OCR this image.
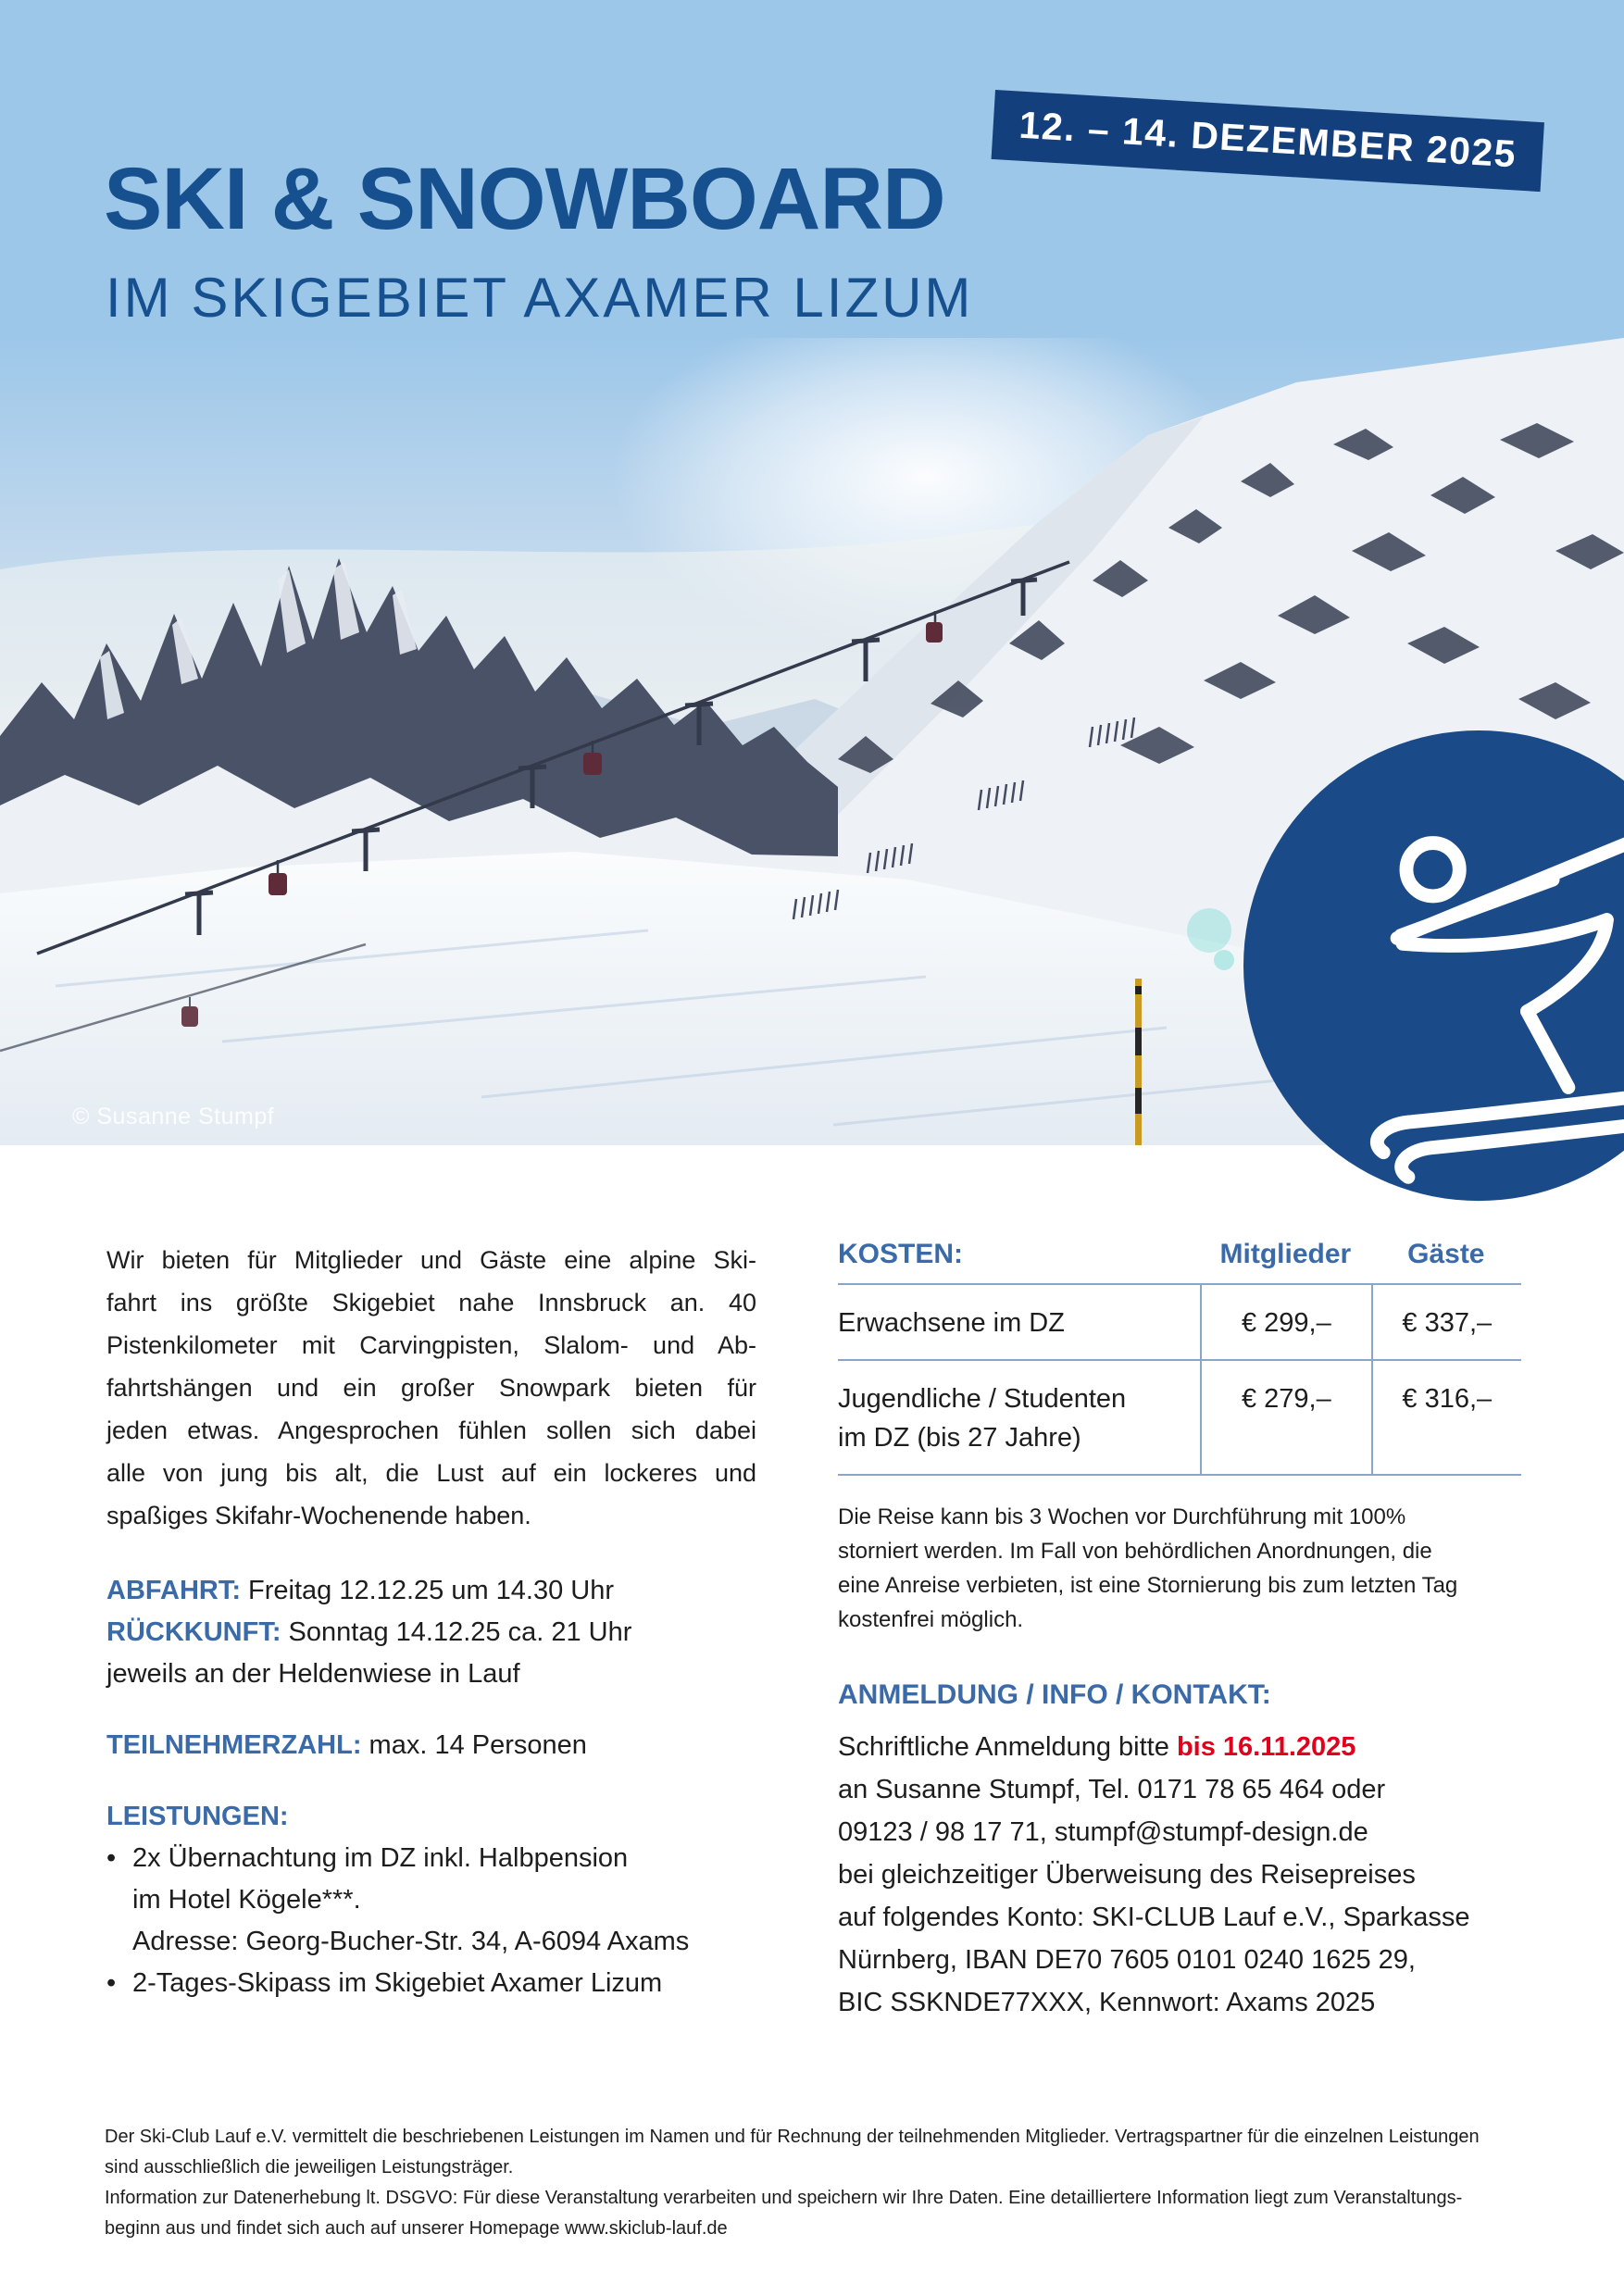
SKI & SNOWBOARD
IM SKIGEBIET AXAMER LIZUM
12. – 14. DEZEMBER 2025
© Susanne Stumpf
Wir bieten für Mitglieder und Gäste eine alpine Ski-
fahrt ins größte Skigebiet nahe Innsbruck an. 40
Pistenkilometer mit Carvingpisten, Slalom- und Ab-
fahrtshängen und ein großer Snowpark bieten für
jeden etwas. Angesprochen fühlen sollen sich dabei
alle von jung bis alt, die Lust auf ein lockeres und
spaßiges Skifahr-Wochenende haben.
ABFAHRT: Freitag 12.12.25 um 14.30 Uhr
RÜCKKUNFT: Sonntag 14.12.25 ca. 21 Uhr
jeweils an der Heldenwiese in Lauf
TEILNEHMERZAHL: max. 14 Personen
LEISTUNGEN:
• 2x Übernachtung im DZ inkl. Halbpension
im Hotel Kögele***.
Adresse: Georg-Bucher-Str. 34, A-6094 Axams
• 2-Tages-Skipass im Skigebiet Axamer Lizum
KOSTEN:	Mitglieder	Gäste
Erwachsene im DZ	€ 299,–	€ 337,–
Jugendliche / Studenten
im DZ (bis 27 Jahre)
€ 279,–	€ 316,–
Die Reise kann bis 3 Wochen vor Durchführung mit 100%
storniert werden. Im Fall von behördlichen Anordnungen, die
eine Anreise verbieten, ist eine Stornierung bis zum letzten Tag
kostenfrei möglich.
ANMELDUNG / INFO / KONTAKT:
Schriftliche Anmeldung bitte bis 16.11.2025
an Susanne Stumpf, Tel. 0171 78 65 464 oder
09123 / 98 17 71, stumpf@stumpf-design.de
bei gleichzeitiger Überweisung des Reisepreises
auf folgendes Konto: SKI-CLUB Lauf e.V., Sparkasse
Nürnberg, IBAN DE70 7605 0101 0240 1625 29,
BIC SSKNDE77XXX, Kennwort: Axams 2025
Der Ski-Club Lauf e.V. vermittelt die beschriebenen Leistungen im Namen und für Rechnung der teilnehmenden Mitglieder. Vertragspartner für die einzelnen Leistungen
sind ausschließlich die jeweiligen Leistungsträger.
Information zur Datenerhebung lt. DSGVO: Für diese Veranstaltung verarbeiten und speichern wir Ihre Daten. Eine detailliertere Information liegt zum Veranstaltungs-
beginn aus und findet sich auch auf unserer Homepage www.skiclub-lauf.de
